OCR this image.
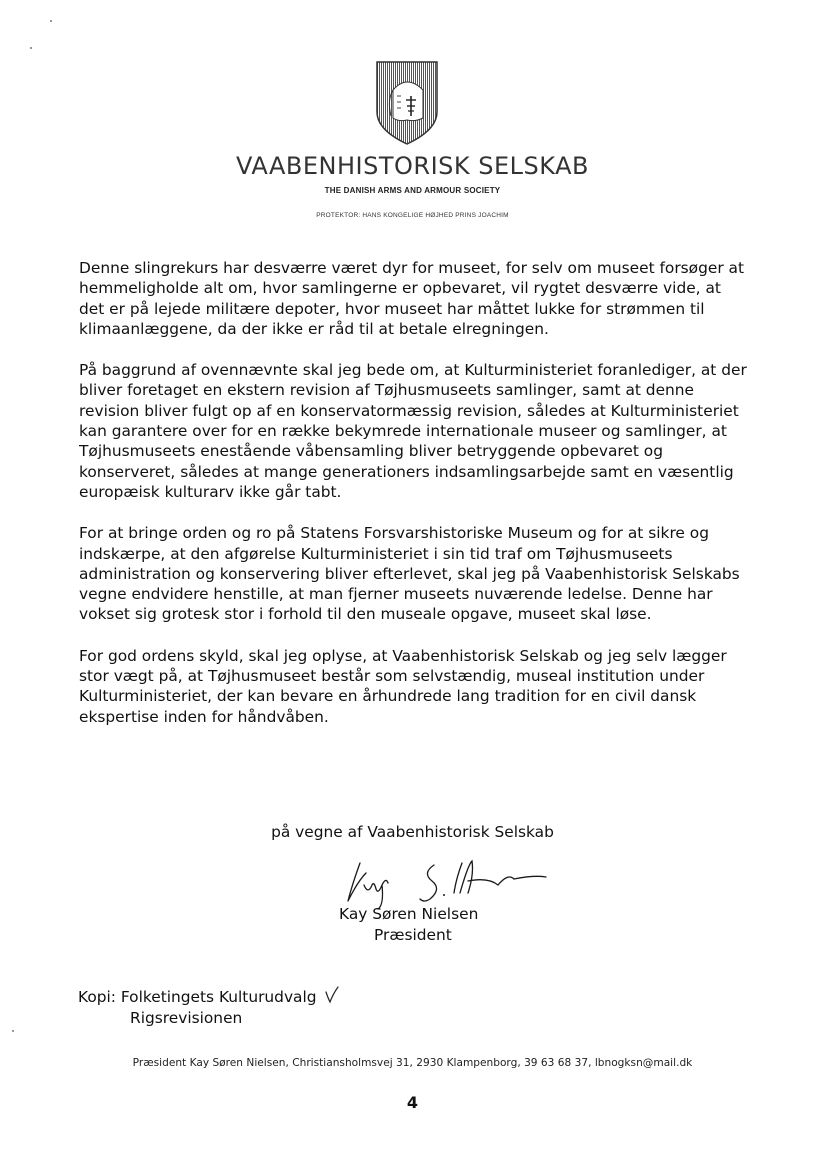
VAABENHISTORISK SELSKAB
THE DANISH ARMS AND ARMOUR SOCIETY
PROTEKTOR: HANS KONGELIGE HØJHED PRINS JOACHIM

Denne slingrekurs har desværre været dyr for museet, for selv om museet forsøger at hemmeligholde alt om, hvor samlingerne er opbevaret, vil rygtet desværre vide, at det er på lejede militære depoter, hvor museet har måttet lukke for strømmen til klimaanlæggene, da der ikke er råd til at betale elregningen.

På baggrund af ovennævnte skal jeg bede om, at Kulturministeriet foranlediger, at der bliver foretaget en ekstern revision af Tøjhusmuseets samlinger, samt at denne revision bliver fulgt op af en konservatormæssig revision, således at Kulturministeriet kan garantere over for en række bekymrede internationale museer og samlinger, at Tøjhusmuseets enestående våbensamling bliver betryggende opbevaret og konserveret, således at mange generationers indsamlingsarbejde samt en væsentlig europæisk kulturarv ikke går tabt.

For at bringe orden og ro på Statens Forsvarshistoriske Museum og for at sikre og indskærpe, at den afgørelse Kulturministeriet i sin tid traf om Tøjhusmuseets administration og konservering bliver efterlevet, skal jeg på Vaabenhistorisk Selskabs vegne endvidere henstille, at man fjerner museets nuværende ledelse. Denne har vokset sig grotesk stor i forhold til den museale opgave, museet skal løse.

For god ordens skyld, skal jeg oplyse, at Vaabenhistorisk Selskab og jeg selv lægger stor vægt på, at Tøjhusmuseet består som selvstændig, museal institution under Kulturministeriet, der kan bevare en århundrede lang tradition for en civil dansk ekspertise inden for håndvåben.

på vegne af Vaabenhistorisk Selskab
Kay Søren Nielsen
Præsident
Kopi: Folketingets Kulturudvalg
Rigsrevisionen
Præsident Kay Søren Nielsen, Christiansholmsvej 31, 2930 Klampenborg, 39 63 68 37, lbnogksn@mail.dk
4
